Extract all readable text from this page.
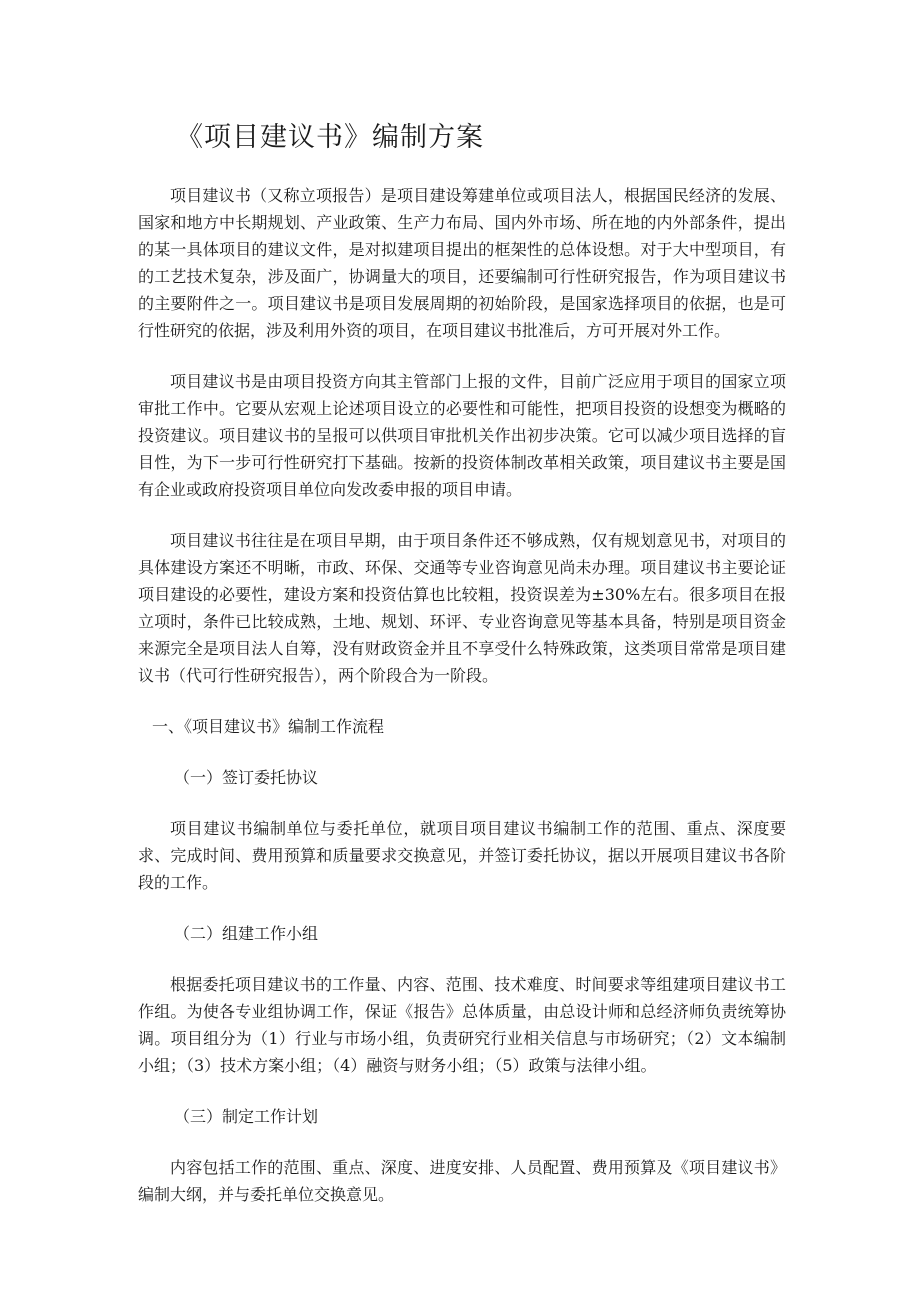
《项目建议书》编制方案

项目建议书（又称立项报告）是项目建设筹建单位或项目法人，根据国民经济的发展、国家和地方中长期规划、产业政策、生产力布局、国内外市场、所在地的内外部条件，提出的某一具体项目的建议文件，是对拟建项目提出的框架性的总体设想。对于大中型项目，有的工艺技术复杂，涉及面广，协调量大的项目，还要编制可行性研究报告，作为项目建议书的主要附件之一。项目建议书是项目发展周期的初始阶段，是国家选择项目的依据，也是可行性研究的依据，涉及利用外资的项目，在项目建议书批准后，方可开展对外工作。

项目建议书是由项目投资方向其主管部门上报的文件，目前广泛应用于项目的国家立项审批工作中。它要从宏观上论述项目设立的必要性和可能性，把项目投资的设想变为概略的投资建议。项目建议书的呈报可以供项目审批机关作出初步决策。它可以减少项目选择的盲目性，为下一步可行性研究打下基础。按新的投资体制改革相关政策，项目建议书主要是国有企业或政府投资项目单位向发改委申报的项目申请。

项目建议书往往是在项目早期，由于项目条件还不够成熟，仅有规划意见书，对项目的具体建设方案还不明晰，市政、环保、交通等专业咨询意见尚未办理。项目建议书主要论证项目建设的必要性，建设方案和投资估算也比较粗，投资误差为±30%左右。很多项目在报立项时，条件已比较成熟，土地、规划、环评、专业咨询意见等基本具备，特别是项目资金来源完全是项目法人自筹，没有财政资金并且不享受什么特殊政策，这类项目常常是项目建议书（代可行性研究报告），两个阶段合为一阶段。

一、《项目建议书》编制工作流程

（一）签订委托协议

项目建议书编制单位与委托单位，就项目项目建议书编制工作的范围、重点、深度要求、完成时间、费用预算和质量要求交换意见，并签订委托协议，据以开展项目建议书各阶段的工作。

（二）组建工作小组

根据委托项目建议书的工作量、内容、范围、技术难度、时间要求等组建项目建议书工作组。为使各专业组协调工作，保证《报告》总体质量，由总设计师和总经济师负责统筹协调。项目组分为（1）行业与市场小组，负责研究行业相关信息与市场研究；（2）文本编制小组；（3）技术方案小组；（4）融资与财务小组；（5）政策与法律小组。

（三）制定工作计划

内容包括工作的范围、重点、深度、进度安排、人员配置、费用预算及《项目建议书》编制大纲，并与委托单位交换意见。
